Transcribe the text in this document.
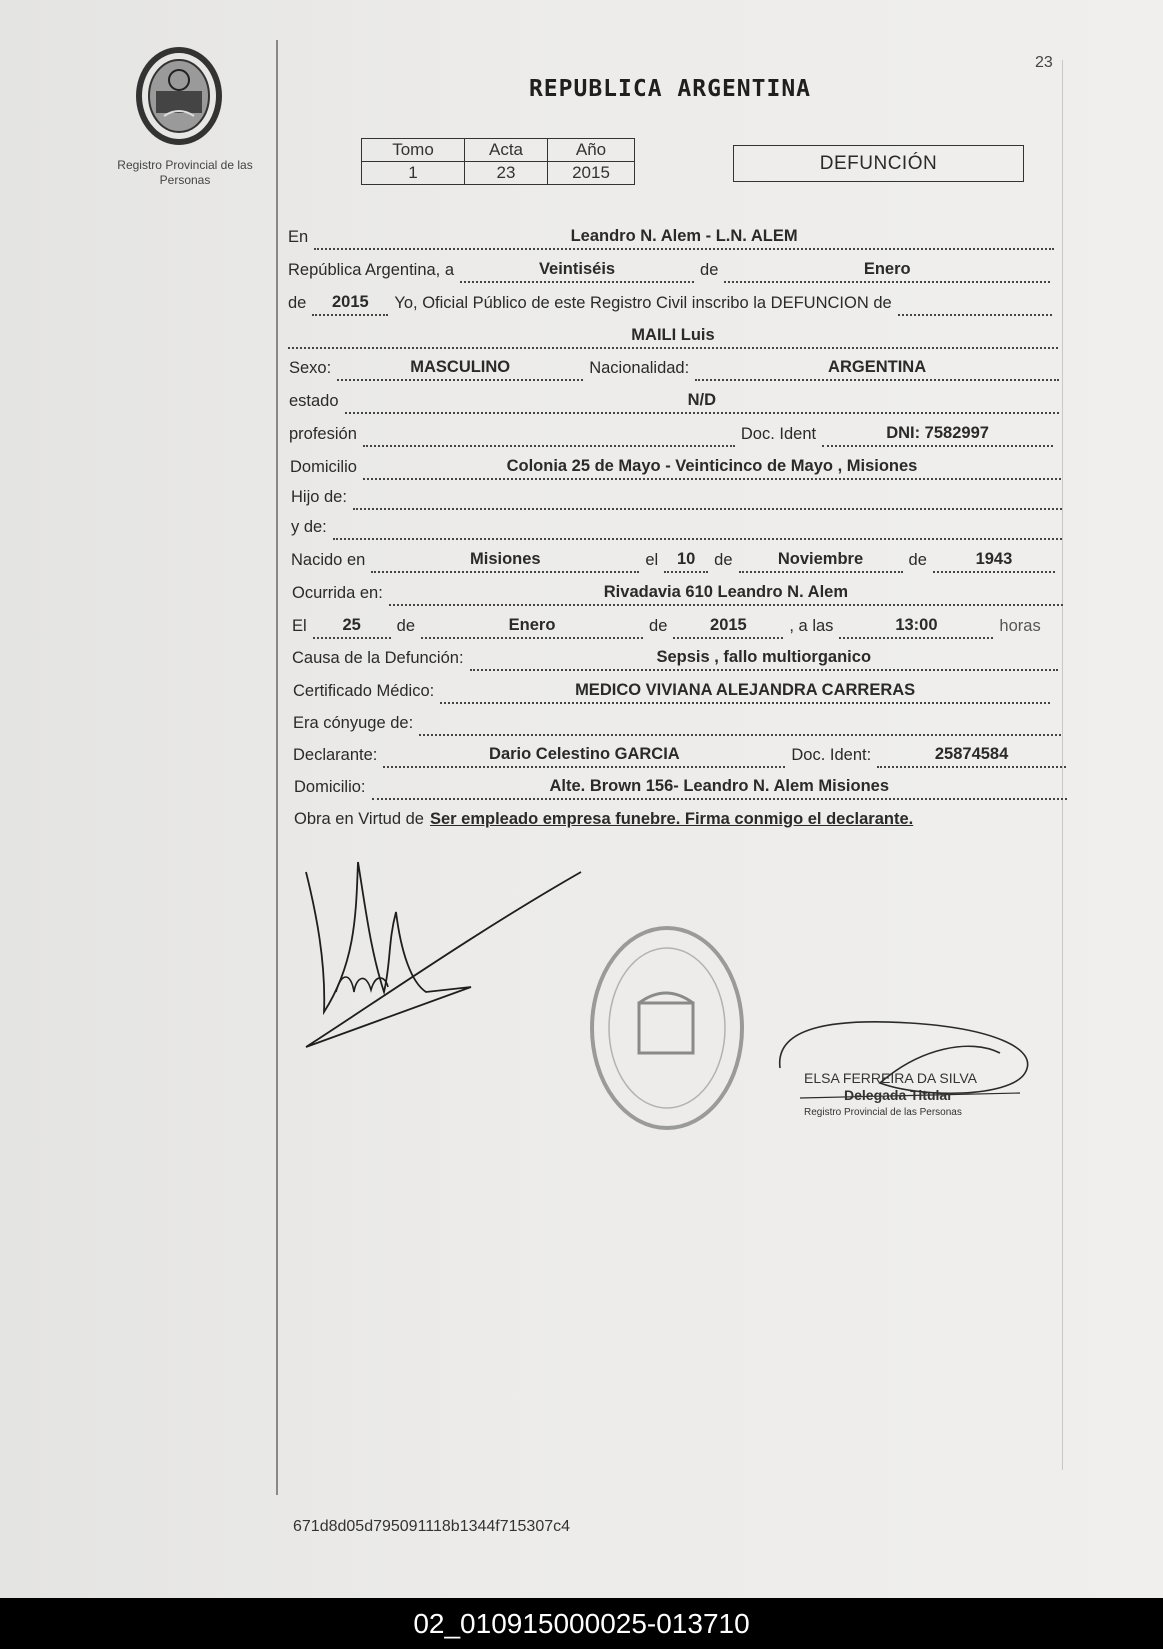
Registro Provincial de las Personas
23
REPUBLICA ARGENTINA
Tomo	Acta	Año
1	23	2015	DEFUNCIÓN
En	Leandro N. Alem - L.N. ALEM
República Argentina, a	Veintiséis	de	Enero
de	2015	Yo, Oficial Público de este Registro Civil inscribo la DEFUNCION de
MAILI Luis
Sexo:	MASCULINO	Nacionalidad:	ARGENTINA
estado	N/D
profesión	Doc. Ident	DNI: 7582997
Domicilio	Colonia 25 de Mayo - Veinticinco de Mayo , Misiones
Hijo de:
y de:
Nacido en	Misiones	el	10	de	Noviembre	de	1943
Ocurrida en:	Rivadavia 610 Leandro N. Alem
El	25	de	Enero	de	2015	, a las	13:00	horas
Causa de la Defunción:	Sepsis , fallo multiorganico
Certificado Médico:	MEDICO VIVIANA ALEJANDRA CARRERAS
Era cónyuge de:
Declarante:	Dario Celestino GARCIA	Doc. Ident:	25874584
Domicilio:	Alte. Brown 156- Leandro N. Alem Misiones
Obra en Virtud de Ser empleado empresa funebre. Firma conmigo el declarante.
ELSA FERREIRA DA SILVA
Delegada Titular
Registro Provincial de las Personas
671d8d05d795091118b1344f715307c4
02_010915000025-013710
